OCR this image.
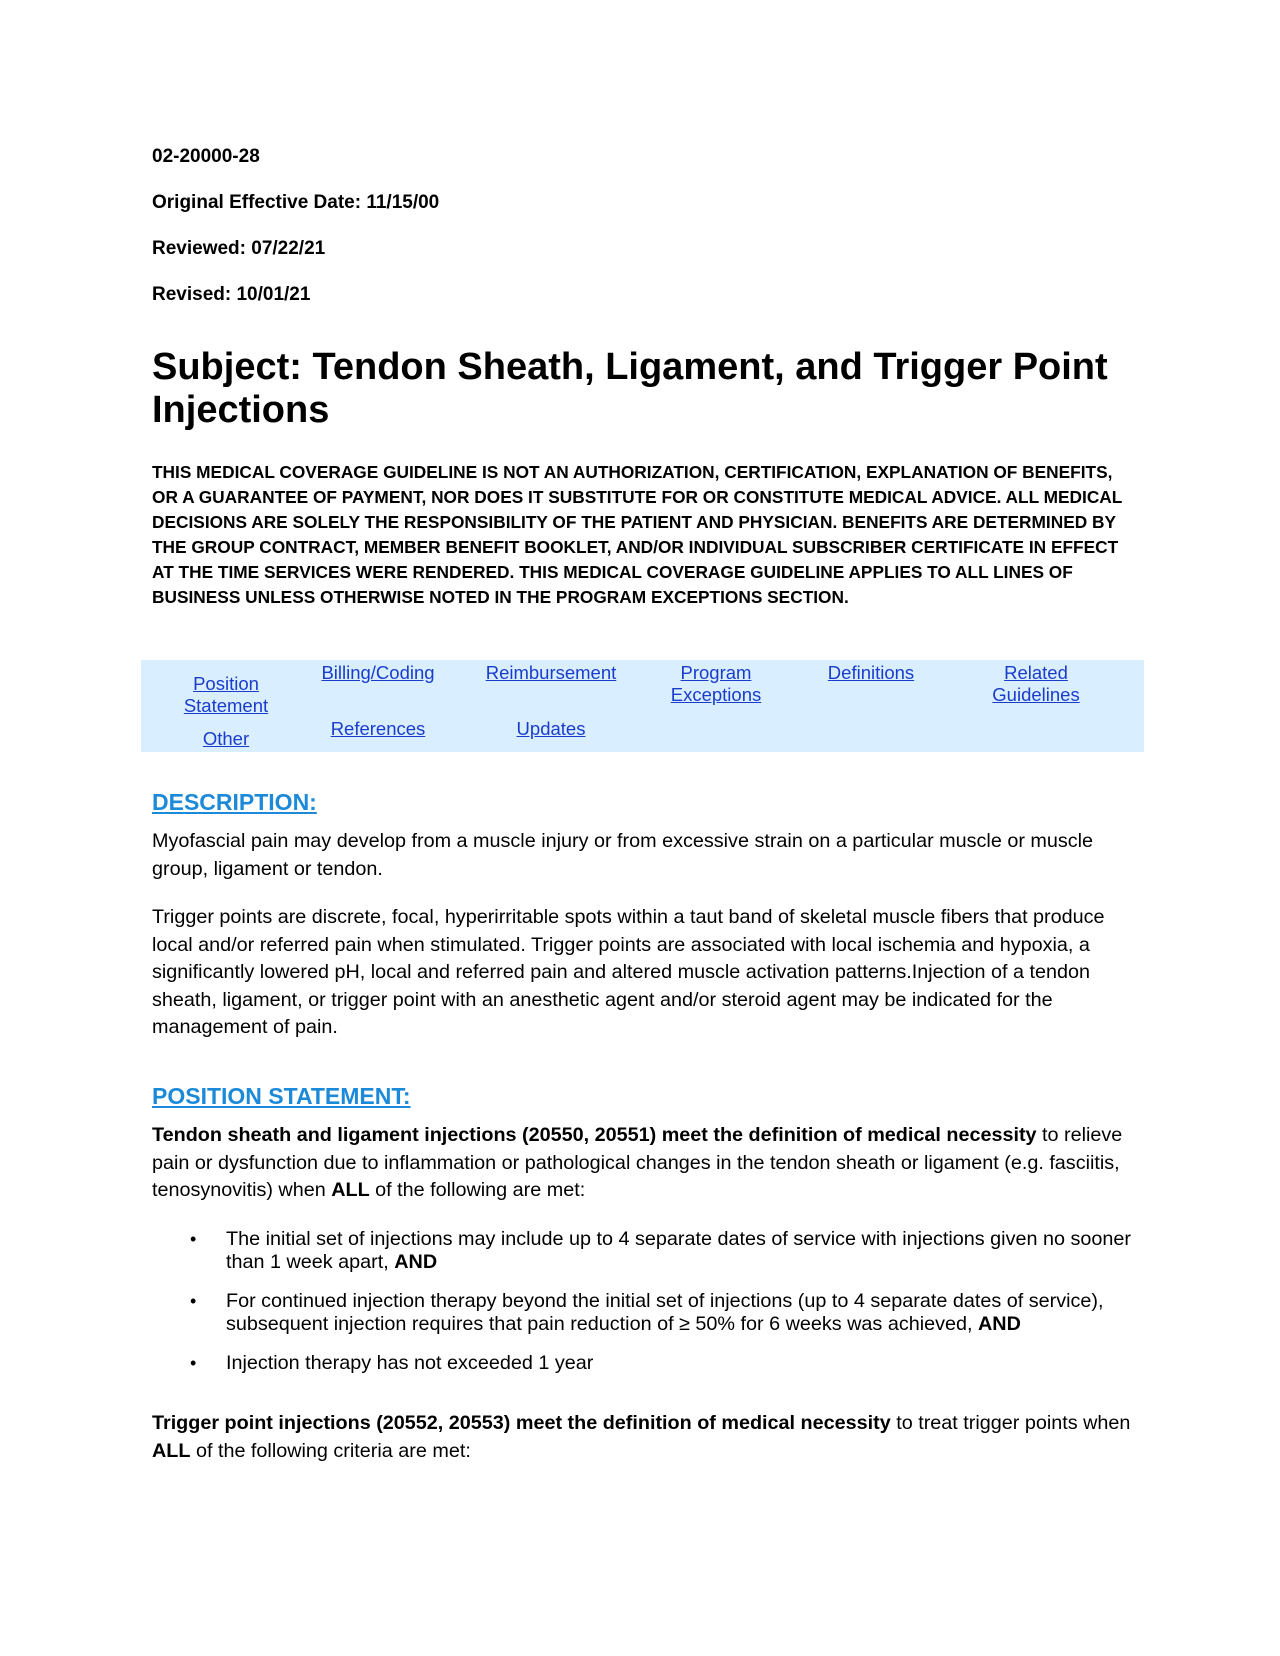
02-20000-28

Original Effective Date: 11/15/00

Reviewed: 07/22/21

Revised: 10/01/21

Subject: Tendon Sheath, Ligament, and Trigger Point Injections

THIS MEDICAL COVERAGE GUIDELINE IS NOT AN AUTHORIZATION, CERTIFICATION, EXPLANATION OF BENEFITS, OR A GUARANTEE OF PAYMENT, NOR DOES IT SUBSTITUTE FOR OR CONSTITUTE MEDICAL ADVICE. ALL MEDICAL DECISIONS ARE SOLELY THE RESPONSIBILITY OF THE PATIENT AND PHYSICIAN. BENEFITS ARE DETERMINED BY THE GROUP CONTRACT, MEMBER BENEFIT BOOKLET, AND/OR INDIVIDUAL SUBSCRIBER CERTIFICATE IN EFFECT AT THE TIME SERVICES WERE RENDERED. THIS MEDICAL COVERAGE GUIDELINE APPLIES TO ALL LINES OF BUSINESS UNLESS OTHERWISE NOTED IN THE PROGRAM EXCEPTIONS SECTION.

Position Statement
Billing/Coding	Reimbursement	Program Exceptions
Definitions	Related Guidelines
Other	References	Updates
DESCRIPTION:

Myofascial pain may develop from a muscle injury or from excessive strain on a particular muscle or muscle group, ligament or tendon.

Trigger points are discrete, focal, hyperirritable spots within a taut band of skeletal muscle fibers that produce local and/or referred pain when stimulated. Trigger points are associated with local ischemia and hypoxia, a significantly lowered pH, local and referred pain and altered muscle activation patterns.Injection of a tendon sheath, ligament, or trigger point with an anesthetic agent and/or steroid agent may be indicated for the management of pain.

POSITION STATEMENT:

Tendon sheath and ligament injections (20550, 20551) meet the definition of medical necessity to relieve pain or dysfunction due to inflammation or pathological changes in the tendon sheath or ligament (e.g. fasciitis, tenosynovitis) when ALL of the following are met:

• The initial set of injections may include up to 4 separate dates of service with injections given no sooner than 1 week apart, AND
• For continued injection therapy beyond the initial set of injections (up to 4 separate dates of service), subsequent injection requires that pain reduction of ≥ 50% for 6 weeks was achieved, AND
• Injection therapy has not exceeded 1 year

Trigger point injections (20552, 20553) meet the definition of medical necessity to treat trigger points when ALL of the following criteria are met:
